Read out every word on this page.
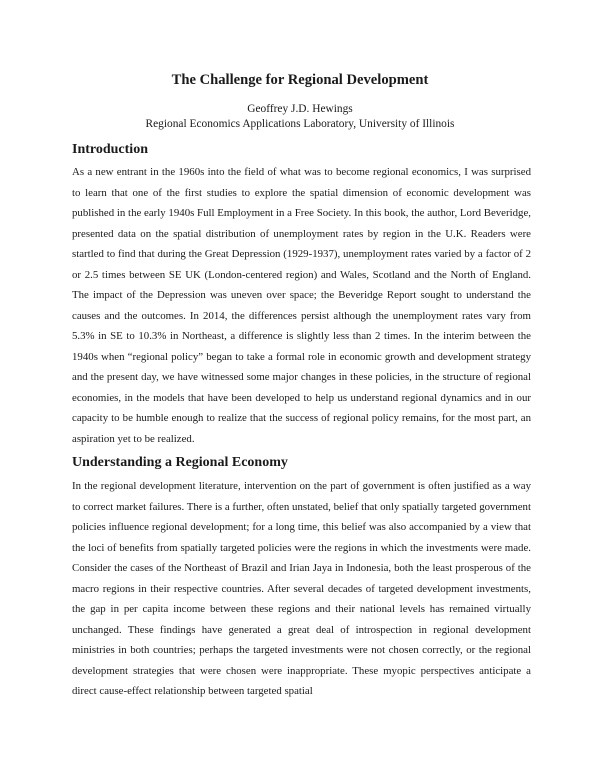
The Challenge for Regional Development

Geoffrey J.D. Hewings

Regional Economics Applications Laboratory, University of Illinois

Introduction

As a new entrant in the 1960s into the field of what was to become regional economics, I was surprised to learn that one of the first studies to explore the spatial dimension of economic development was published in the early 1940s Full Employment in a Free Society. In this book, the author, Lord Beveridge, presented data on the spatial distribution of unemployment rates by region in the U.K. Readers were startled to find that during the Great Depression (1929-1937), unemployment rates varied by a factor of 2 or 2.5 times between SE UK (London-centered region) and Wales, Scotland and the North of England. The impact of the Depression was uneven over space; the Beveridge Report sought to understand the causes and the outcomes. In 2014, the differences persist although the unemployment rates vary from 5.3% in SE to 10.3% in Northeast, a difference is slightly less than 2 times. In the interim between the 1940s when “regional policy” began to take a formal role in economic growth and development strategy and the present day, we have witnessed some major changes in these policies, in the structure of regional economies, in the models that have been developed to help us understand regional dynamics and in our capacity to be humble enough to realize that the success of regional policy remains, for the most part, an aspiration yet to be realized.

Understanding a Regional Economy

In the regional development literature, intervention on the part of government is often justified as a way to correct market failures. There is a further, often unstated, belief that only spatially targeted government policies influence regional development; for a long time, this belief was also accompanied by a view that the loci of benefits from spatially targeted policies were the regions in which the investments were made. Consider the cases of the Northeast of Brazil and Irian Jaya in Indonesia, both the least prosperous of the macro regions in their respective countries. After several decades of targeted development investments, the gap in per capita income between these regions and their national levels has remained virtually unchanged. These findings have generated a great deal of introspection in regional development ministries in both countries; perhaps the targeted investments were not chosen correctly, or the regional development strategies that were chosen were inappropriate. These myopic perspectives anticipate a direct cause-effect relationship between targeted spatial
